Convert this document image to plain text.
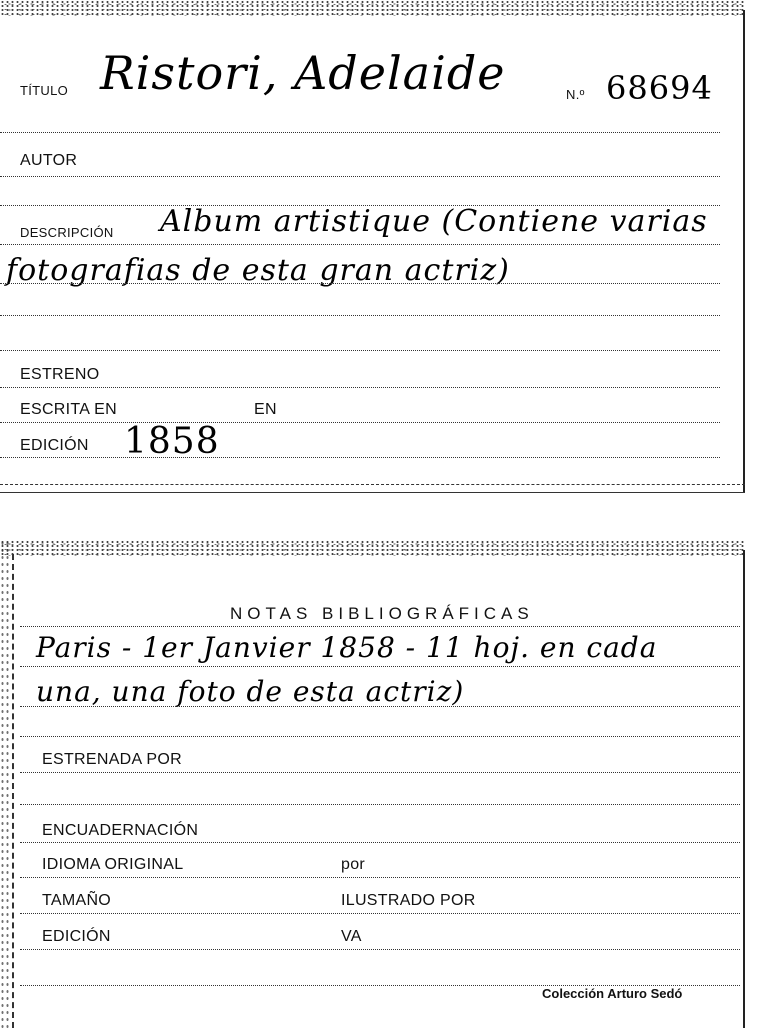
TÍTULO Ristori, Adelaide	N.º 68694
AUTOR
DESCRIPCIÓN Album artistique (Contiene varias
fotografias de esta gran actriz)
ESTRENO
ESCRITA EN	EN
EDICIÓN 1858
NOTAS BIBLIOGRÁFICAS
Paris - 1er Janvier 1858 - 11 hoj. en cada
una, una foto de esta actriz)
ESTRENADA POR
ENCUADERNACIÓN
IDIOMA ORIGINAL	por
TAMAÑO	ILUSTRADO POR
EDICIÓN	VA
Colección Arturo Sedó
